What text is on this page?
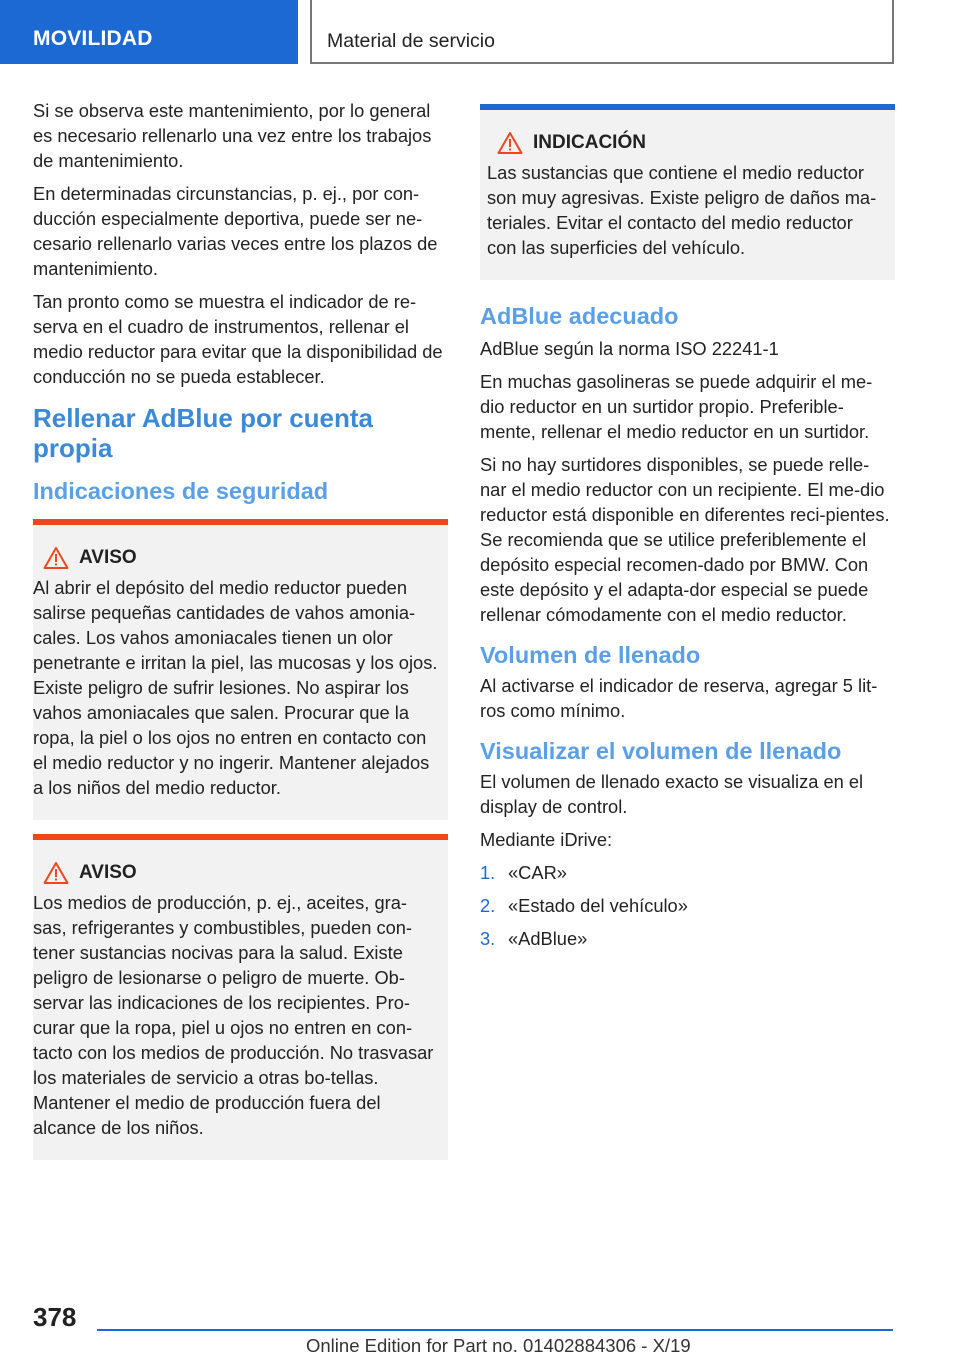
MOVILIDAD	Material de servicio

Si se observa este mantenimiento, por lo general es necesario rellenarlo una vez entre los trabajos de mantenimiento.

En determinadas circunstancias, p. ej., por con-ducción especialmente deportiva, puede ser ne-cesario rellenarlo varias veces entre los plazos de mantenimiento.

Tan pronto como se muestra el indicador de re-serva en el cuadro de instrumentos, rellenar el medio reductor para evitar que la disponibilidad de conducción no se pueda establecer.

Rellenar AdBlue por cuenta propia
Indicaciones de seguridad
AVISO

Al abrir el depósito del medio reductor pueden salirse pequeñas cantidades de vahos amonia-cales. Los vahos amoniacales tienen un olor penetrante e irritan la piel, las mucosas y los ojos. Existe peligro de sufrir lesiones. No aspirar los vahos amoniacales que salen. Procurar que la ropa, la piel o los ojos no entren en contacto con el medio reductor y no ingerir. Mantener alejados a los niños del medio reductor.

AVISO

Los medios de producción, p. ej., aceites, gra-sas, refrigerantes y combustibles, pueden con-tener sustancias nocivas para la salud. Existe peligro de lesionarse o peligro de muerte. Ob-servar las indicaciones de los recipientes. Pro-curar que la ropa, piel u ojos no entren en con-tacto con los medios de producción. No trasvasar los materiales de servicio a otras bo-tellas. Mantener el medio de producción fuera del alcance de los niños.

INDICACIÓN

Las sustancias que contiene el medio reductor son muy agresivas. Existe peligro de daños ma-teriales. Evitar el contacto del medio reductor con las superficies del vehículo.

AdBlue adecuado

AdBlue según la norma ISO 22241-1

En muchas gasolineras se puede adquirir el me-dio reductor en un surtidor propio. Preferible-mente, rellenar el medio reductor en un surtidor.

Si no hay surtidores disponibles, se puede relle-nar el medio reductor con un recipiente. El me-dio reductor está disponible en diferentes reci-pientes. Se recomienda que se utilice preferiblemente el depósito especial recomen-dado por BMW. Con este depósito y el adapta-dor especial se puede rellenar cómodamente con el medio reductor.

Volumen de llenado

Al activarse el indicador de reserva, agregar 5 lit-ros como mínimo.

Visualizar el volumen de llenado

El volumen de llenado exacto se visualiza en el display de control.

Mediante iDrive:

1. «CAR»
2. «Estado del vehículo»
3. «AdBlue»
378
Online Edition for Part no. 01402884306 - X/19
